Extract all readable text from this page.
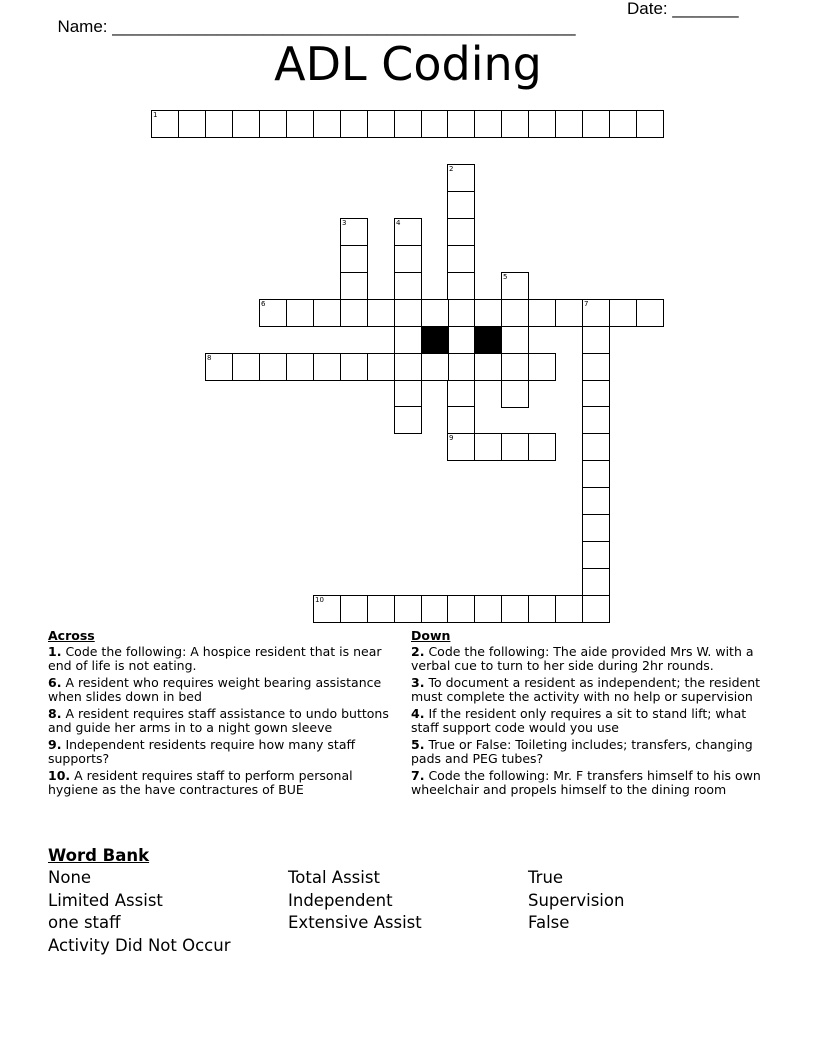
Name: _________________________________________________

Date: _______

ADL Coding
1
2
9
3	4
5
6	7
8
10
Across
1. Code the following: A hospice resident that is near end of life is not eating.
6. A resident who requires weight bearing assistance when slides down in bed
8. A resident requires staff assistance to undo buttons and guide her arms in to a night gown sleeve
9. Independent residents require how many staff supports?
10. A resident requires staff to perform personal hygiene as the have contractures of BUE
Down
2. Code the following: The aide provided Mrs W. with a verbal cue to turn to her side during 2hr rounds.
3. To document a resident as independent; the resident must complete the activity with no help or supervision
4. If the resident only requires a sit to stand lift; what staff support code would you use
5. True or False: Toileting includes; transfers, changing pads and PEG tubes?
7. Code the following: Mr. F transfers himself to his own wheelchair and propels himself to the dining room
Word Bank
None
Limited Assist
one staff
Activity Did Not Occur
Total Assist
Independent
Extensive Assist
True
Supervision
False
